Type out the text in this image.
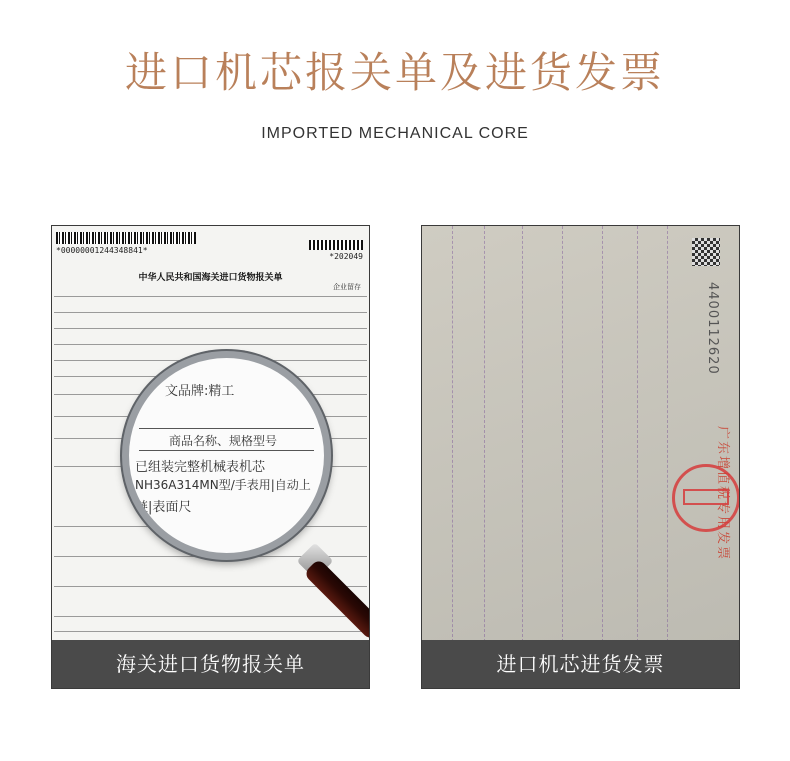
进口机芯报关单及进货发票
IMPORTED MECHANICAL CORE
*00000001244348841*
*202049
中华人民共和国海关进口货物报关单
企业留存
文品牌:精工
商品名称、规格型号
已组装完整机械表机芯
NH36A314MN型/手表用|自动上
链|表面尺
海关进口货物报关单
4400112620
广东增值税专用发票
进口机芯进货发票
